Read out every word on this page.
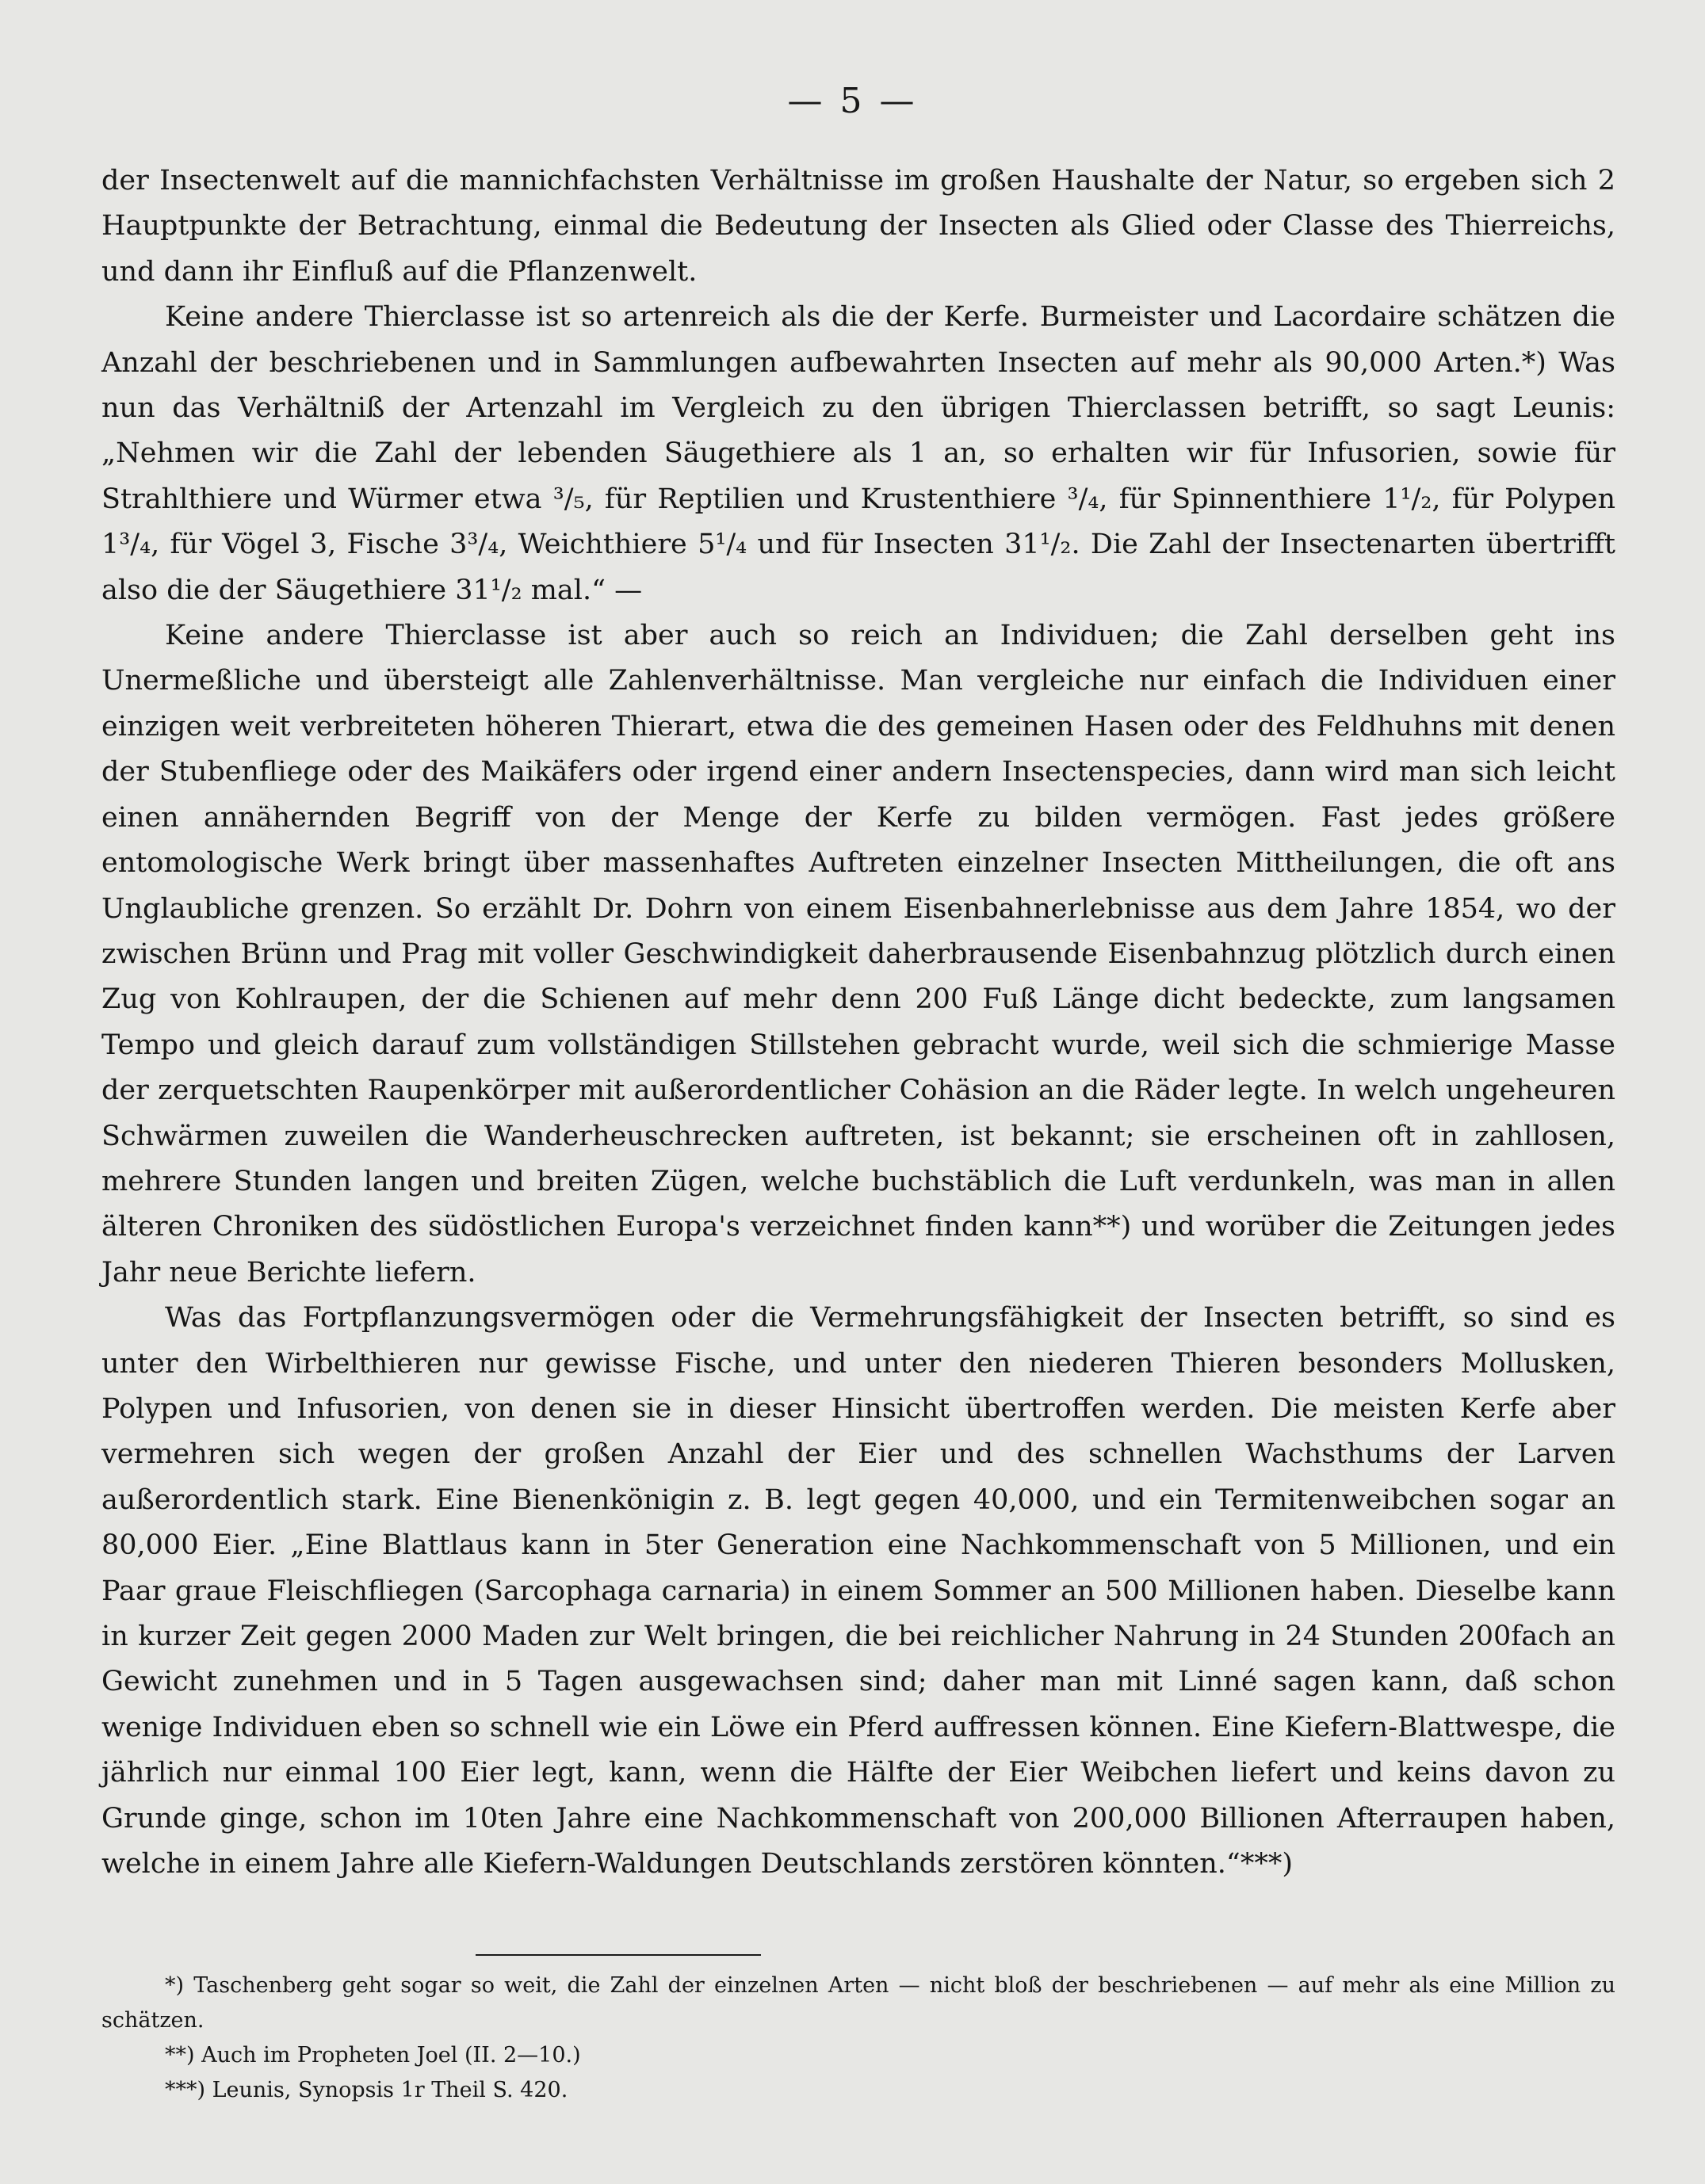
— 5 —

der Insectenwelt auf die mannichfachsten Verhältnisse im großen Haushalte der Natur, so ergeben sich 2 Hauptpunkte der Betrachtung, einmal die Bedeutung der Insecten als Glied oder Classe des Thierreichs, und dann ihr Einfluß auf die Pflanzenwelt.

Keine andere Thierclasse ist so artenreich als die der Kerfe. Burmeister und Lacordaire schätzen die Anzahl der beschriebenen und in Sammlungen aufbewahrten Insecten auf mehr als 90,000 Arten.*) Was nun das Verhältniß der Artenzahl im Vergleich zu den übrigen Thierclassen betrifft, so sagt Leunis: „Nehmen wir die Zahl der lebenden Säugethiere als 1 an, so erhalten wir für Infusorien, sowie für Strahlthiere und Würmer etwa ³/₅, für Reptilien und Krustenthiere ³/₄, für Spinnenthiere 1¹/₂, für Polypen 1³/₄, für Vögel 3, Fische 3³/₄, Weichthiere 5¹/₄ und für Insecten 31¹/₂. Die Zahl der Insectenarten übertrifft also die der Säugethiere 31¹/₂ mal.“ —

Keine andere Thierclasse ist aber auch so reich an Individuen; die Zahl derselben geht ins Unermeßliche und übersteigt alle Zahlenverhältnisse. Man vergleiche nur einfach die Individuen einer einzigen weit verbreiteten höheren Thierart, etwa die des gemeinen Hasen oder des Feldhuhns mit denen der Stubenfliege oder des Maikäfers oder irgend einer andern Insectenspecies, dann wird man sich leicht einen annähernden Begriff von der Menge der Kerfe zu bilden vermögen. Fast jedes größere entomologische Werk bringt über massenhaftes Auftreten einzelner Insecten Mittheilungen, die oft ans Unglaubliche grenzen. So erzählt Dr. Dohrn von einem Eisenbahnerlebnisse aus dem Jahre 1854, wo der zwischen Brünn und Prag mit voller Geschwindigkeit daherbrausende Eisenbahnzug plötzlich durch einen Zug von Kohlraupen, der die Schienen auf mehr denn 200 Fuß Länge dicht bedeckte, zum langsamen Tempo und gleich darauf zum vollständigen Stillstehen gebracht wurde, weil sich die schmierige Masse der zerquetschten Raupenkörper mit außerordentlicher Cohäsion an die Räder legte. In welch ungeheuren Schwärmen zuweilen die Wanderheuschrecken auftreten, ist bekannt; sie erscheinen oft in zahllosen, mehrere Stunden langen und breiten Zügen, welche buchstäblich die Luft verdunkeln, was man in allen älteren Chroniken des südöstlichen Europa's verzeichnet finden kann**) und worüber die Zeitungen jedes Jahr neue Berichte liefern.

Was das Fortpflanzungsvermögen oder die Vermehrungsfähigkeit der Insecten betrifft, so sind es unter den Wirbelthieren nur gewisse Fische, und unter den niederen Thieren besonders Mollusken, Polypen und Infusorien, von denen sie in dieser Hinsicht übertroffen werden. Die meisten Kerfe aber vermehren sich wegen der großen Anzahl der Eier und des schnellen Wachsthums der Larven außerordentlich stark. Eine Bienenkönigin z. B. legt gegen 40,000, und ein Termitenweibchen sogar an 80,000 Eier. „Eine Blattlaus kann in 5ter Generation eine Nachkommenschaft von 5 Millionen, und ein Paar graue Fleischfliegen (Sarcophaga carnaria) in einem Sommer an 500 Millionen haben. Dieselbe kann in kurzer Zeit gegen 2000 Maden zur Welt bringen, die bei reichlicher Nahrung in 24 Stunden 200fach an Gewicht zunehmen und in 5 Tagen ausgewachsen sind; daher man mit Linné sagen kann, daß schon wenige Individuen eben so schnell wie ein Löwe ein Pferd auffressen können. Eine Kiefern-Blattwespe, die jährlich nur einmal 100 Eier legt, kann, wenn die Hälfte der Eier Weibchen liefert und keins davon zu Grunde ginge, schon im 10ten Jahre eine Nachkommenschaft von 200,000 Billionen Afterraupen haben, welche in einem Jahre alle Kiefern-Waldungen Deutschlands zerstören könnten.“***)

*) Taschenberg geht sogar so weit, die Zahl der einzelnen Arten — nicht bloß der beschriebenen — auf mehr als eine Million zu schätzen.

**) Auch im Propheten Joel (II. 2—10.)

***) Leunis, Synopsis 1r Theil S. 420.
